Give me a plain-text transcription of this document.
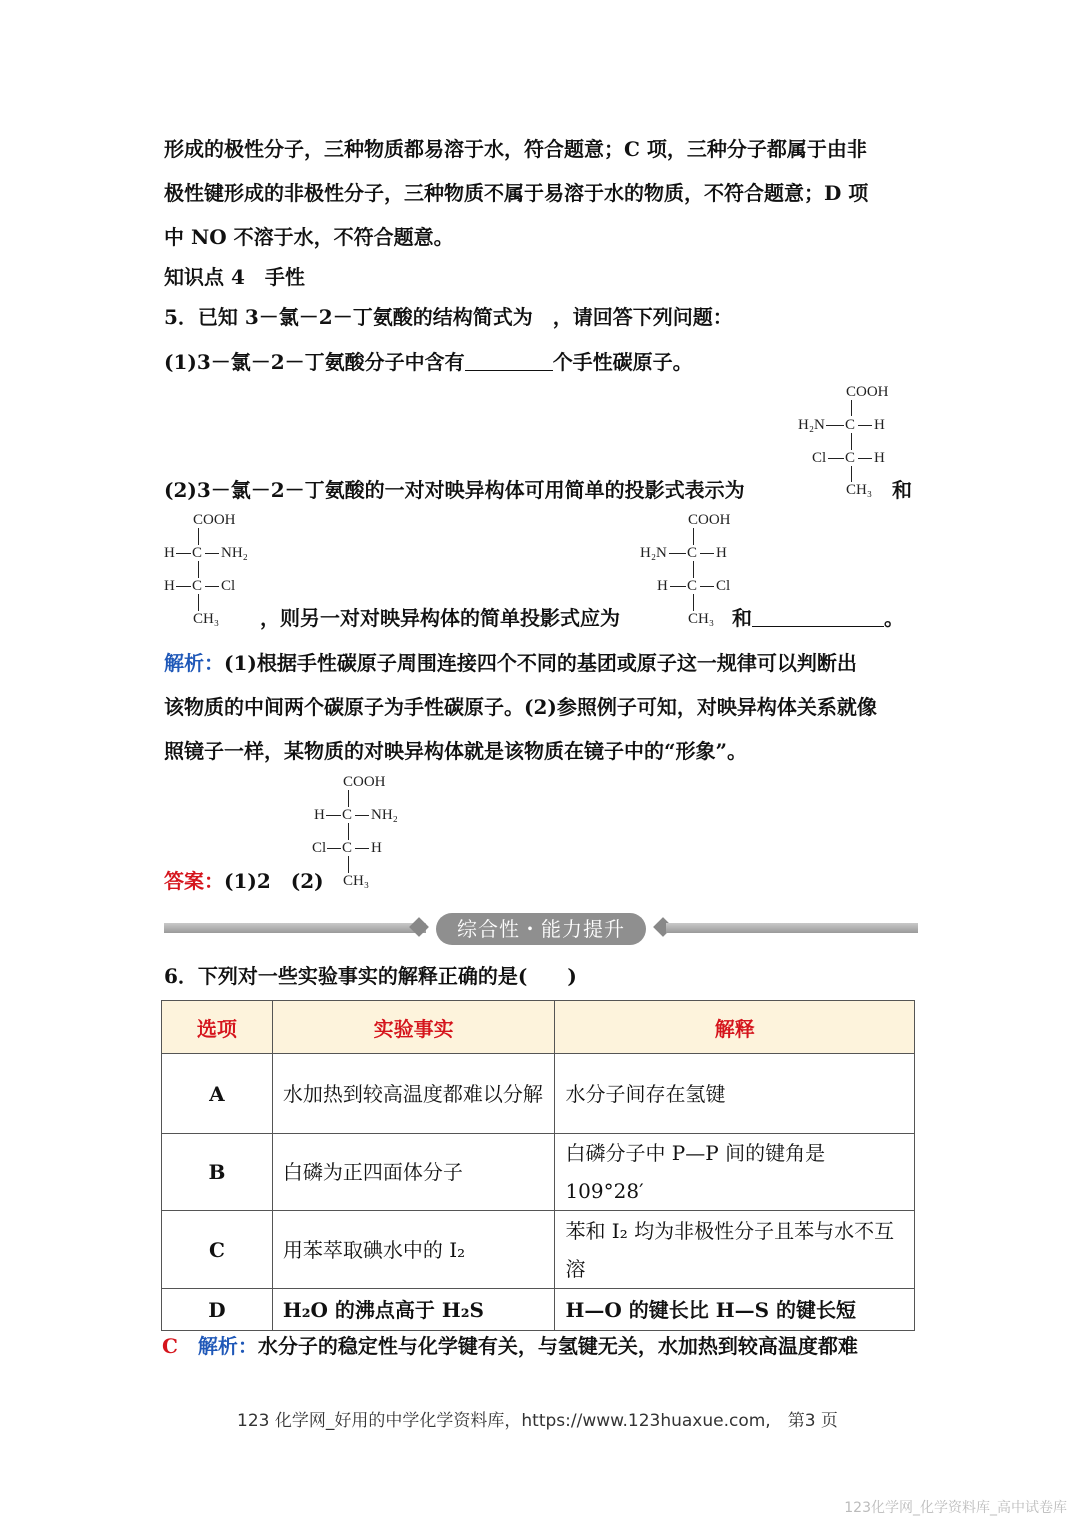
形成的极性分子，三种物质都易溶于水，符合题意；C 项，三种分子都属于由非
极性键形成的非极性分子，三种物质不属于易溶于水的物质，不符合题意；D 项
中 NO 不溶于水，不符合题意。
知识点 4　手性
5．已知 3－氯－2－丁氨酸的结构简式为　，请回答下列问题：
(1)3－氯－2－丁氨酸分子中含有	个手性碳原子。
(2)3－氯－2－丁氨酸的一对对映异构体可用简单的投影式表示为	和
，则另一对对映异构体的简单投影式应为	和	。
COOH
H₂N C H
Cl C H
CH₃
COOH
H C NH₂
H C Cl
CH₃
COOH
H₂N C H
H C Cl
CH₃
解析：(1)根据手性碳原子周围连接四个不同的基团或原子这一规律可以判断出
该物质的中间两个碳原子为手性碳原子。(2)参照例子可知，对映异构体关系就像
照镜子一样，某物质的对映异构体就是该物质在镜子中的“形象”。
COOH
H C NH₂
Cl C H
CH₃
答案：(1)2　(2)
综合性・能力提升
6．下列对一些实验事实的解释正确的是(　　)
选项	实验事实	解释
A	水加热到较高温度都难以分解	水分子间存在氢键
B	白磷为正四面体分子	白磷分子中 P—P 间的键角是 109°28′
C	用苯萃取碘水中的 I₂	苯和 I₂ 均为非极性分子且苯与水不互溶
D	H₂O 的沸点高于 H₂S	H—O 的键长比 H—S 的键长短
C　 解析：水分子的稳定性与化学键有关，与氢键无关，水加热到较高温度都难
123 化学网_好用的中学化学资料库，https://www.123huaxue.com,　第3 页
123化学网_化学资料库_高中试卷库
